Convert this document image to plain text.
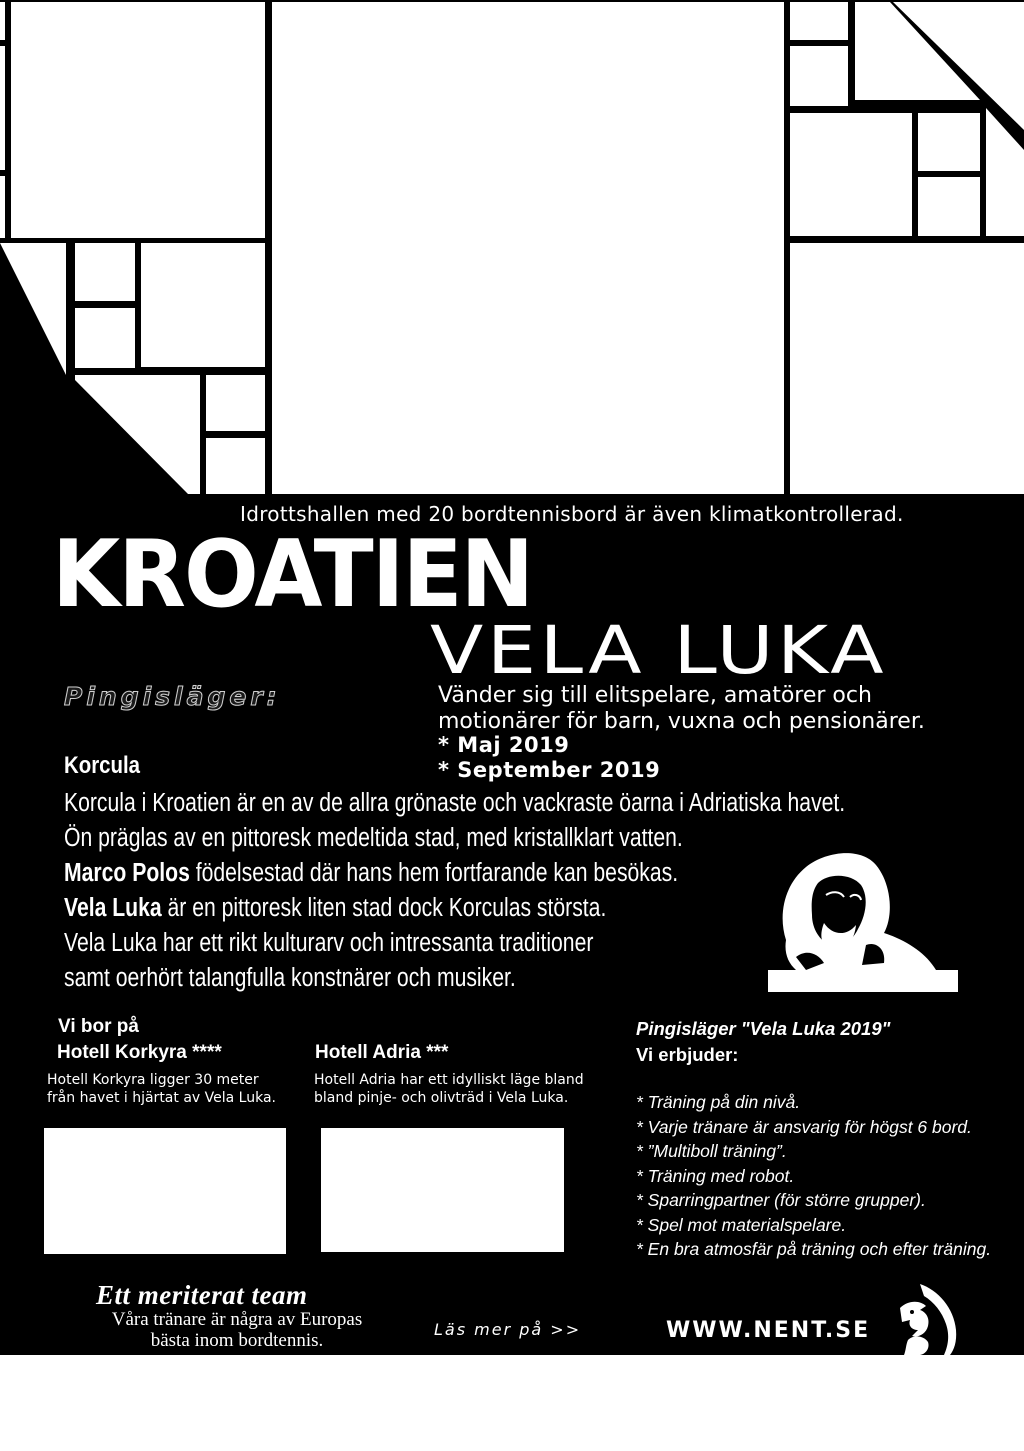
Idrottshallen med 20 bordtennisbord är även klimatkontrollerad.
KROATIEN
VELA LUKA
Pingisläger:	Vänder sig till elitspelare, amatörer och
motionärer för barn, vuxna och pensionärer.
* Maj 2019
* September 2019
Korcula
Korcula i Kroatien är en av de allra grönaste och vackraste öarna i Adriatiska havet.
Ön präglas av en pittoresk medeltida stad, med kristallklart vatten.
Marco Polos födelsestad där hans hem fortfarande kan besökas.
Vela Luka är en pittoresk liten stad dock Korculas största.
Vela Luka har ett rikt kulturarv och intressanta traditioner
samt oerhört talangfulla konstnärer och musiker.
Vi bor på
Hotell Korkyra ****	Hotell Adria ***
Hotell Korkyra ligger 30 meter
från havet i hjärtat av Vela Luka.
Hotell Adria har ett idylliskt läge bland
bland pinje- och olivträd i Vela Luka.
Pingisläger "Vela Luka 2019"
Vi erbjuder:
* Träning på din nivå.
* Varje tränare är ansvarig för högst 6 bord.
* ”Multiboll träning”.
* Träning med robot.
* Sparringpartner (för större grupper).
* Spel mot materialspelare.
* En bra atmosfär på träning och efter träning.
Ett meriterat team
Våra tränare är några av Europas
bästa inom bordtennis.
Läs mer på >>	WWW.NENT.SE
